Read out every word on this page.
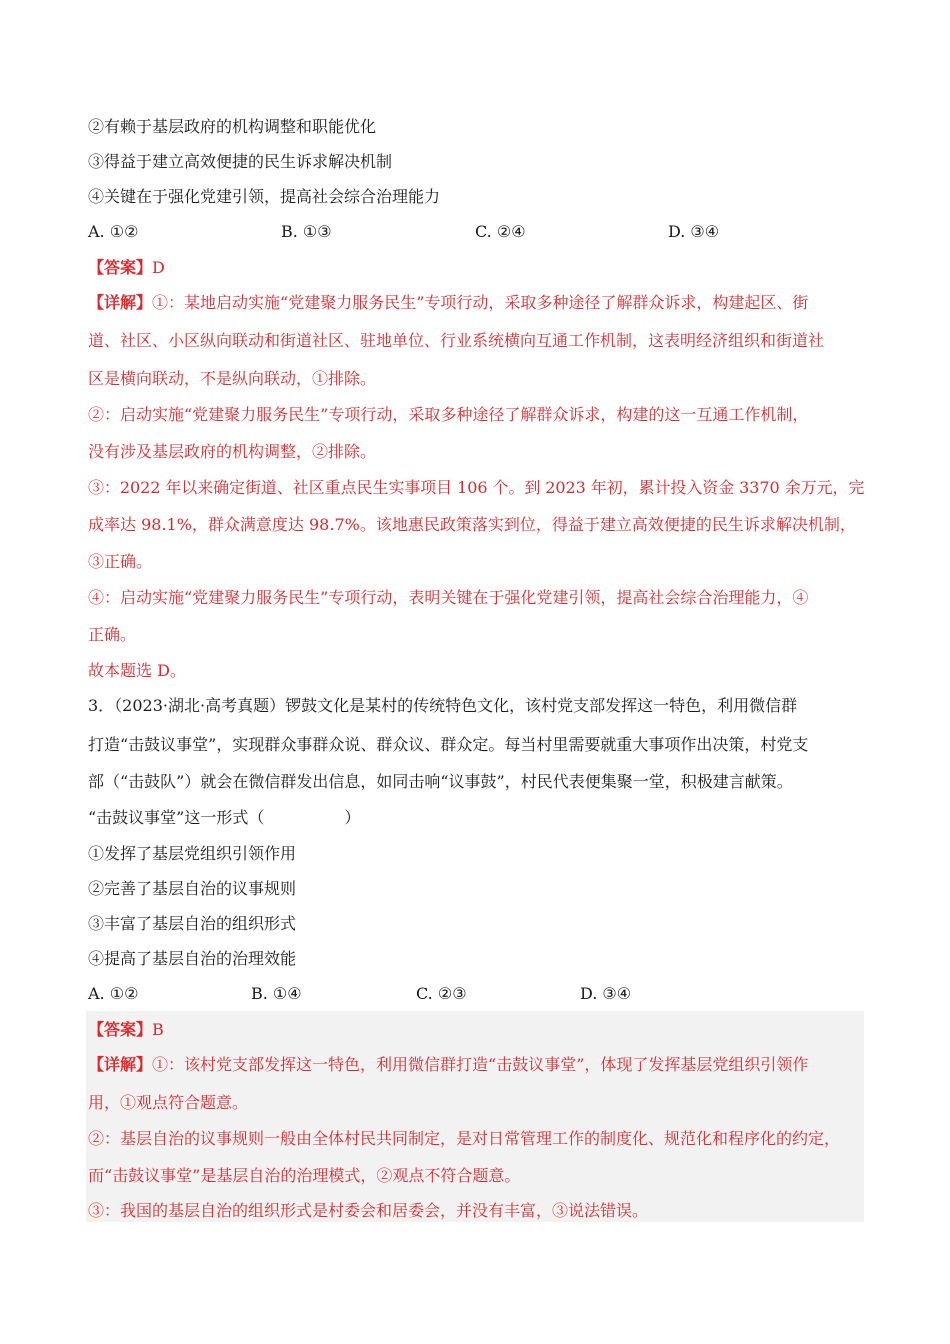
②有赖于基层政府的机构调整和职能优化
③得益于建立高效便捷的民生诉求解决机制
④关键在于强化党建引领，提高社会综合治理能力
A. ①②	B. ①③	C. ②④	D. ③④
【答案】D
【详解】①：某地启动实施“党建聚力服务民生”专项行动，采取多种途径了解群众诉求，构建起区、街
道、社区、小区纵向联动和街道社区、驻地单位、行业系统横向互通工作机制，这表明经济组织和街道社
区是横向联动，不是纵向联动，①排除。
②：启动实施“党建聚力服务民生”专项行动，采取多种途径了解群众诉求，构建的这一互通工作机制，
没有涉及基层政府的机构调整，②排除。
③：2022 年以来确定街道、社区重点民生实事项目 106 个。到 2023 年初，累计投入资金 3370 余万元，完
成率达 98.1%，群众满意度达 98.7%。该地惠民政策落实到位，得益于建立高效便捷的民生诉求解决机制，
③正确。
④：启动实施“党建聚力服务民生”专项行动，表明关键在于强化党建引领，提高社会综合治理能力，④
正确。
故本题选 D。
3．（2023·湖北·高考真题）锣鼓文化是某村的传统特色文化，该村党支部发挥这一特色，利用微信群
打造“击鼓议事堂”，实现群众事群众说、群众议、群众定。每当村里需要就重大事项作出决策，村党支
部（“击鼓队”）就会在微信群发出信息，如同击响“议事鼓”，村民代表便集聚一堂，积极建言献策。
“击鼓议事堂”这一形式（　　　　　）
①发挥了基层党组织引领作用
②完善了基层自治的议事规则
③丰富了基层自治的组织形式
④提高了基层自治的治理效能
A. ①②	B. ①④	C. ②③	D. ③④
【答案】B
【详解】①：该村党支部发挥这一特色，利用微信群打造“击鼓议事堂”，体现了发挥基层党组织引领作
用，①观点符合题意。
②：基层自治的议事规则一般由全体村民共同制定，是对日常管理工作的制度化、规范化和程序化的约定，
而“击鼓议事堂”是基层自治的治理模式，②观点不符合题意。
③：我国的基层自治的组织形式是村委会和居委会，并没有丰富，③说法错误。
